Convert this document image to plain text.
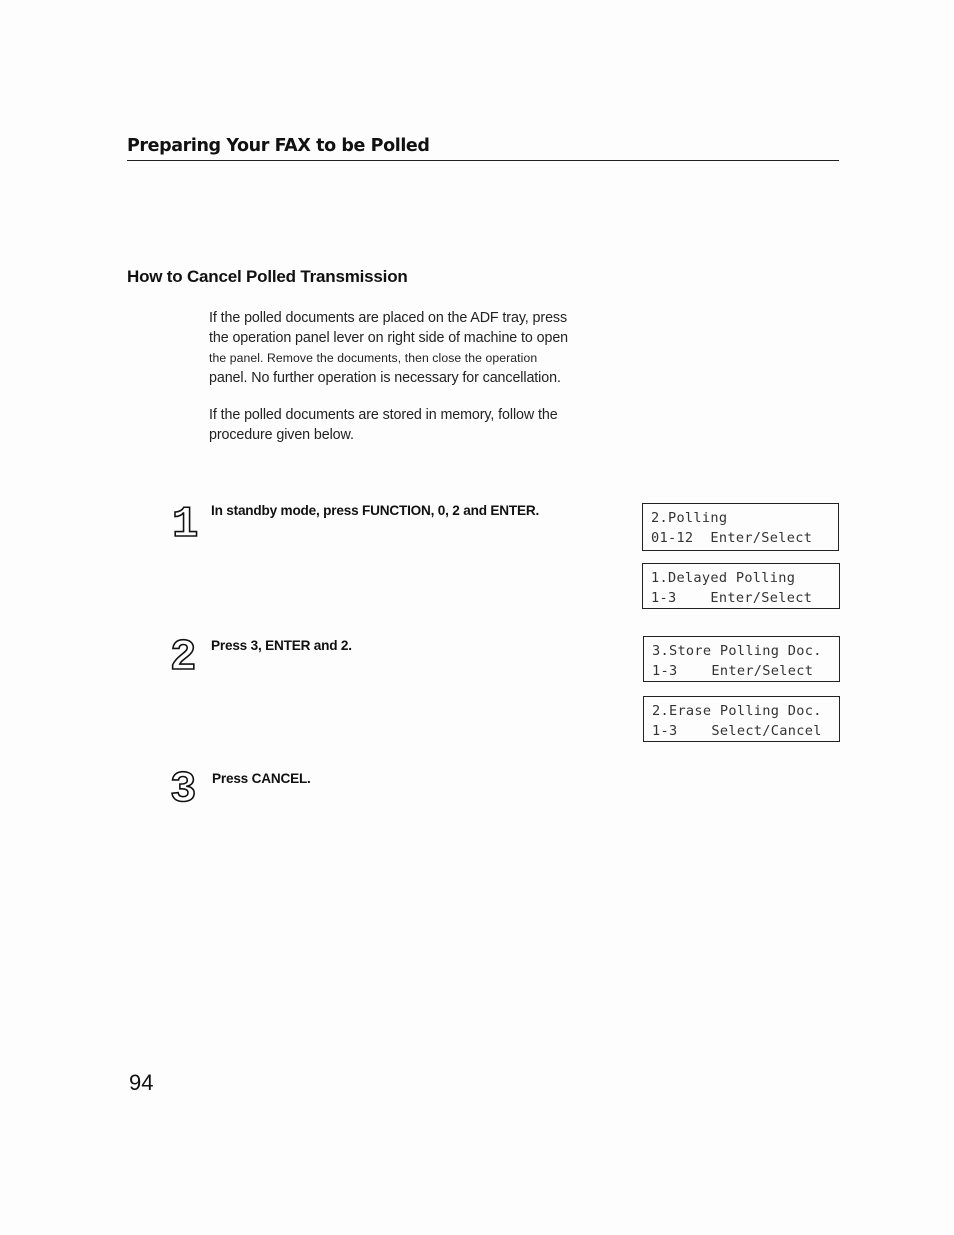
Preparing Your FAX to be Polled
How to Cancel Polled Transmission
If the polled documents are placed on the ADF tray, press
the operation panel lever on right side of machine to open
the panel. Remove the documents, then close the operation
panel. No further operation is necessary for cancellation.
If the polled documents are stored in memory, follow the
procedure given below.
1 In standby mode, press FUNCTION, 0, 2 and ENTER.
2 Press 3, ENTER and 2.
3 Press CANCEL.
2.Polling
01-12  Enter/Select
1.Delayed Polling
1-3    Enter/Select
3.Store Polling Doc.
1-3    Enter/Select
2.Erase Polling Doc.
1-3    Select/Cancel
94
